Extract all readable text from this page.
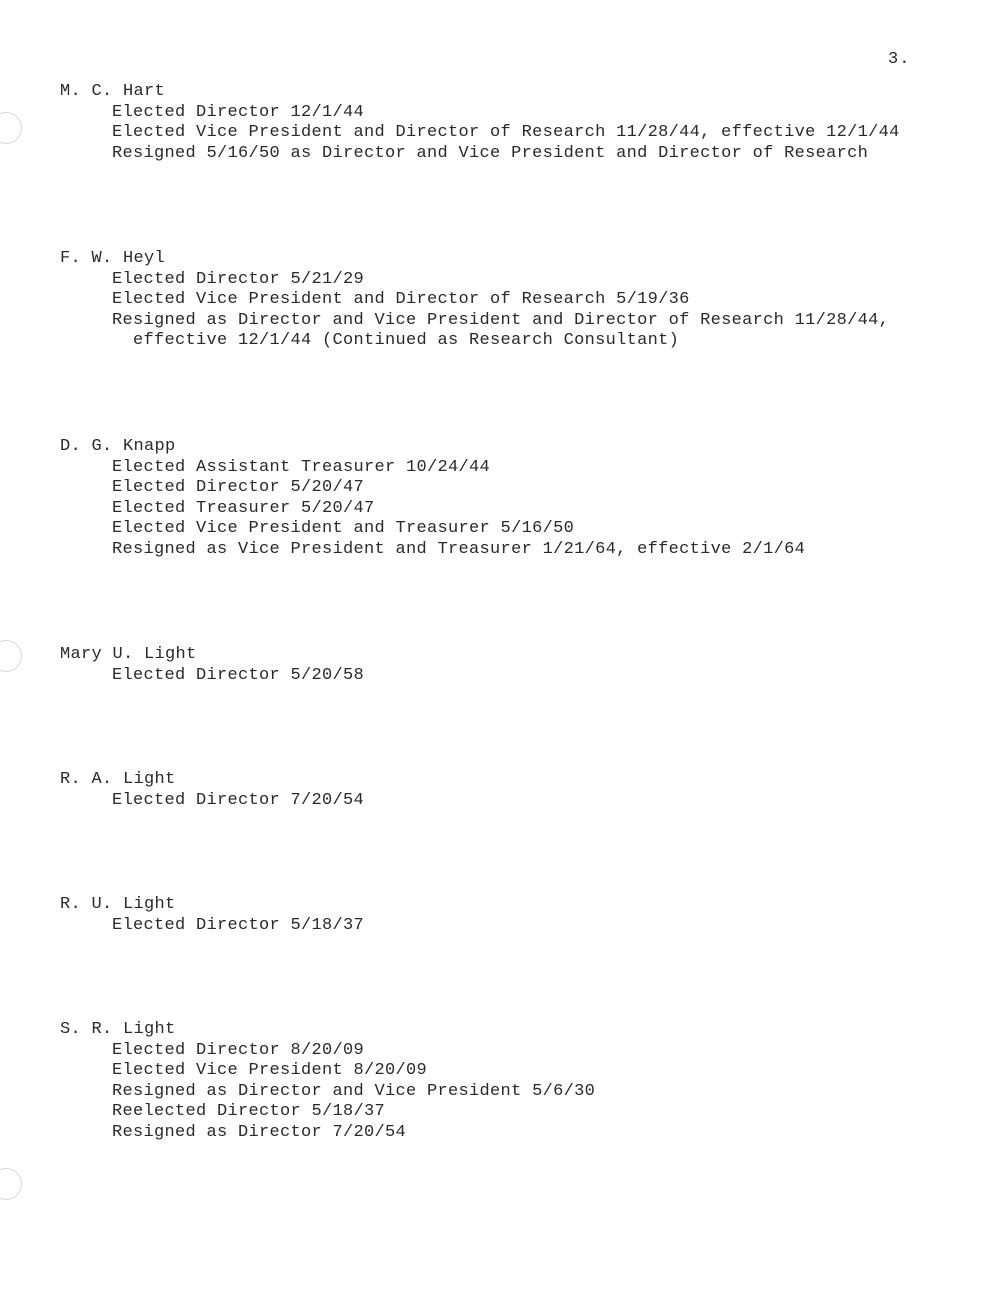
3.
M. C. Hart
Elected Director 12/1/44
Elected Vice President and Director of Research 11/28/44, effective 12/1/44
Resigned 5/16/50 as Director and Vice President and Director of Research
F. W. Heyl
Elected Director 5/21/29
Elected Vice President and Director of Research 5/19/36
Resigned as Director and Vice President and Director of Research 11/28/44,
effective 12/1/44 (Continued as Research Consultant)
D. G. Knapp
Elected Assistant Treasurer 10/24/44
Elected Director 5/20/47
Elected Treasurer 5/20/47
Elected Vice President and Treasurer 5/16/50
Resigned as Vice President and Treasurer 1/21/64, effective 2/1/64
Mary U. Light
Elected Director 5/20/58
R. A. Light
Elected Director 7/20/54
R. U. Light
Elected Director 5/18/37
S. R. Light
Elected Director 8/20/09
Elected Vice President 8/20/09
Resigned as Director and Vice President 5/6/30
Reelected Director 5/18/37
Resigned as Director 7/20/54
